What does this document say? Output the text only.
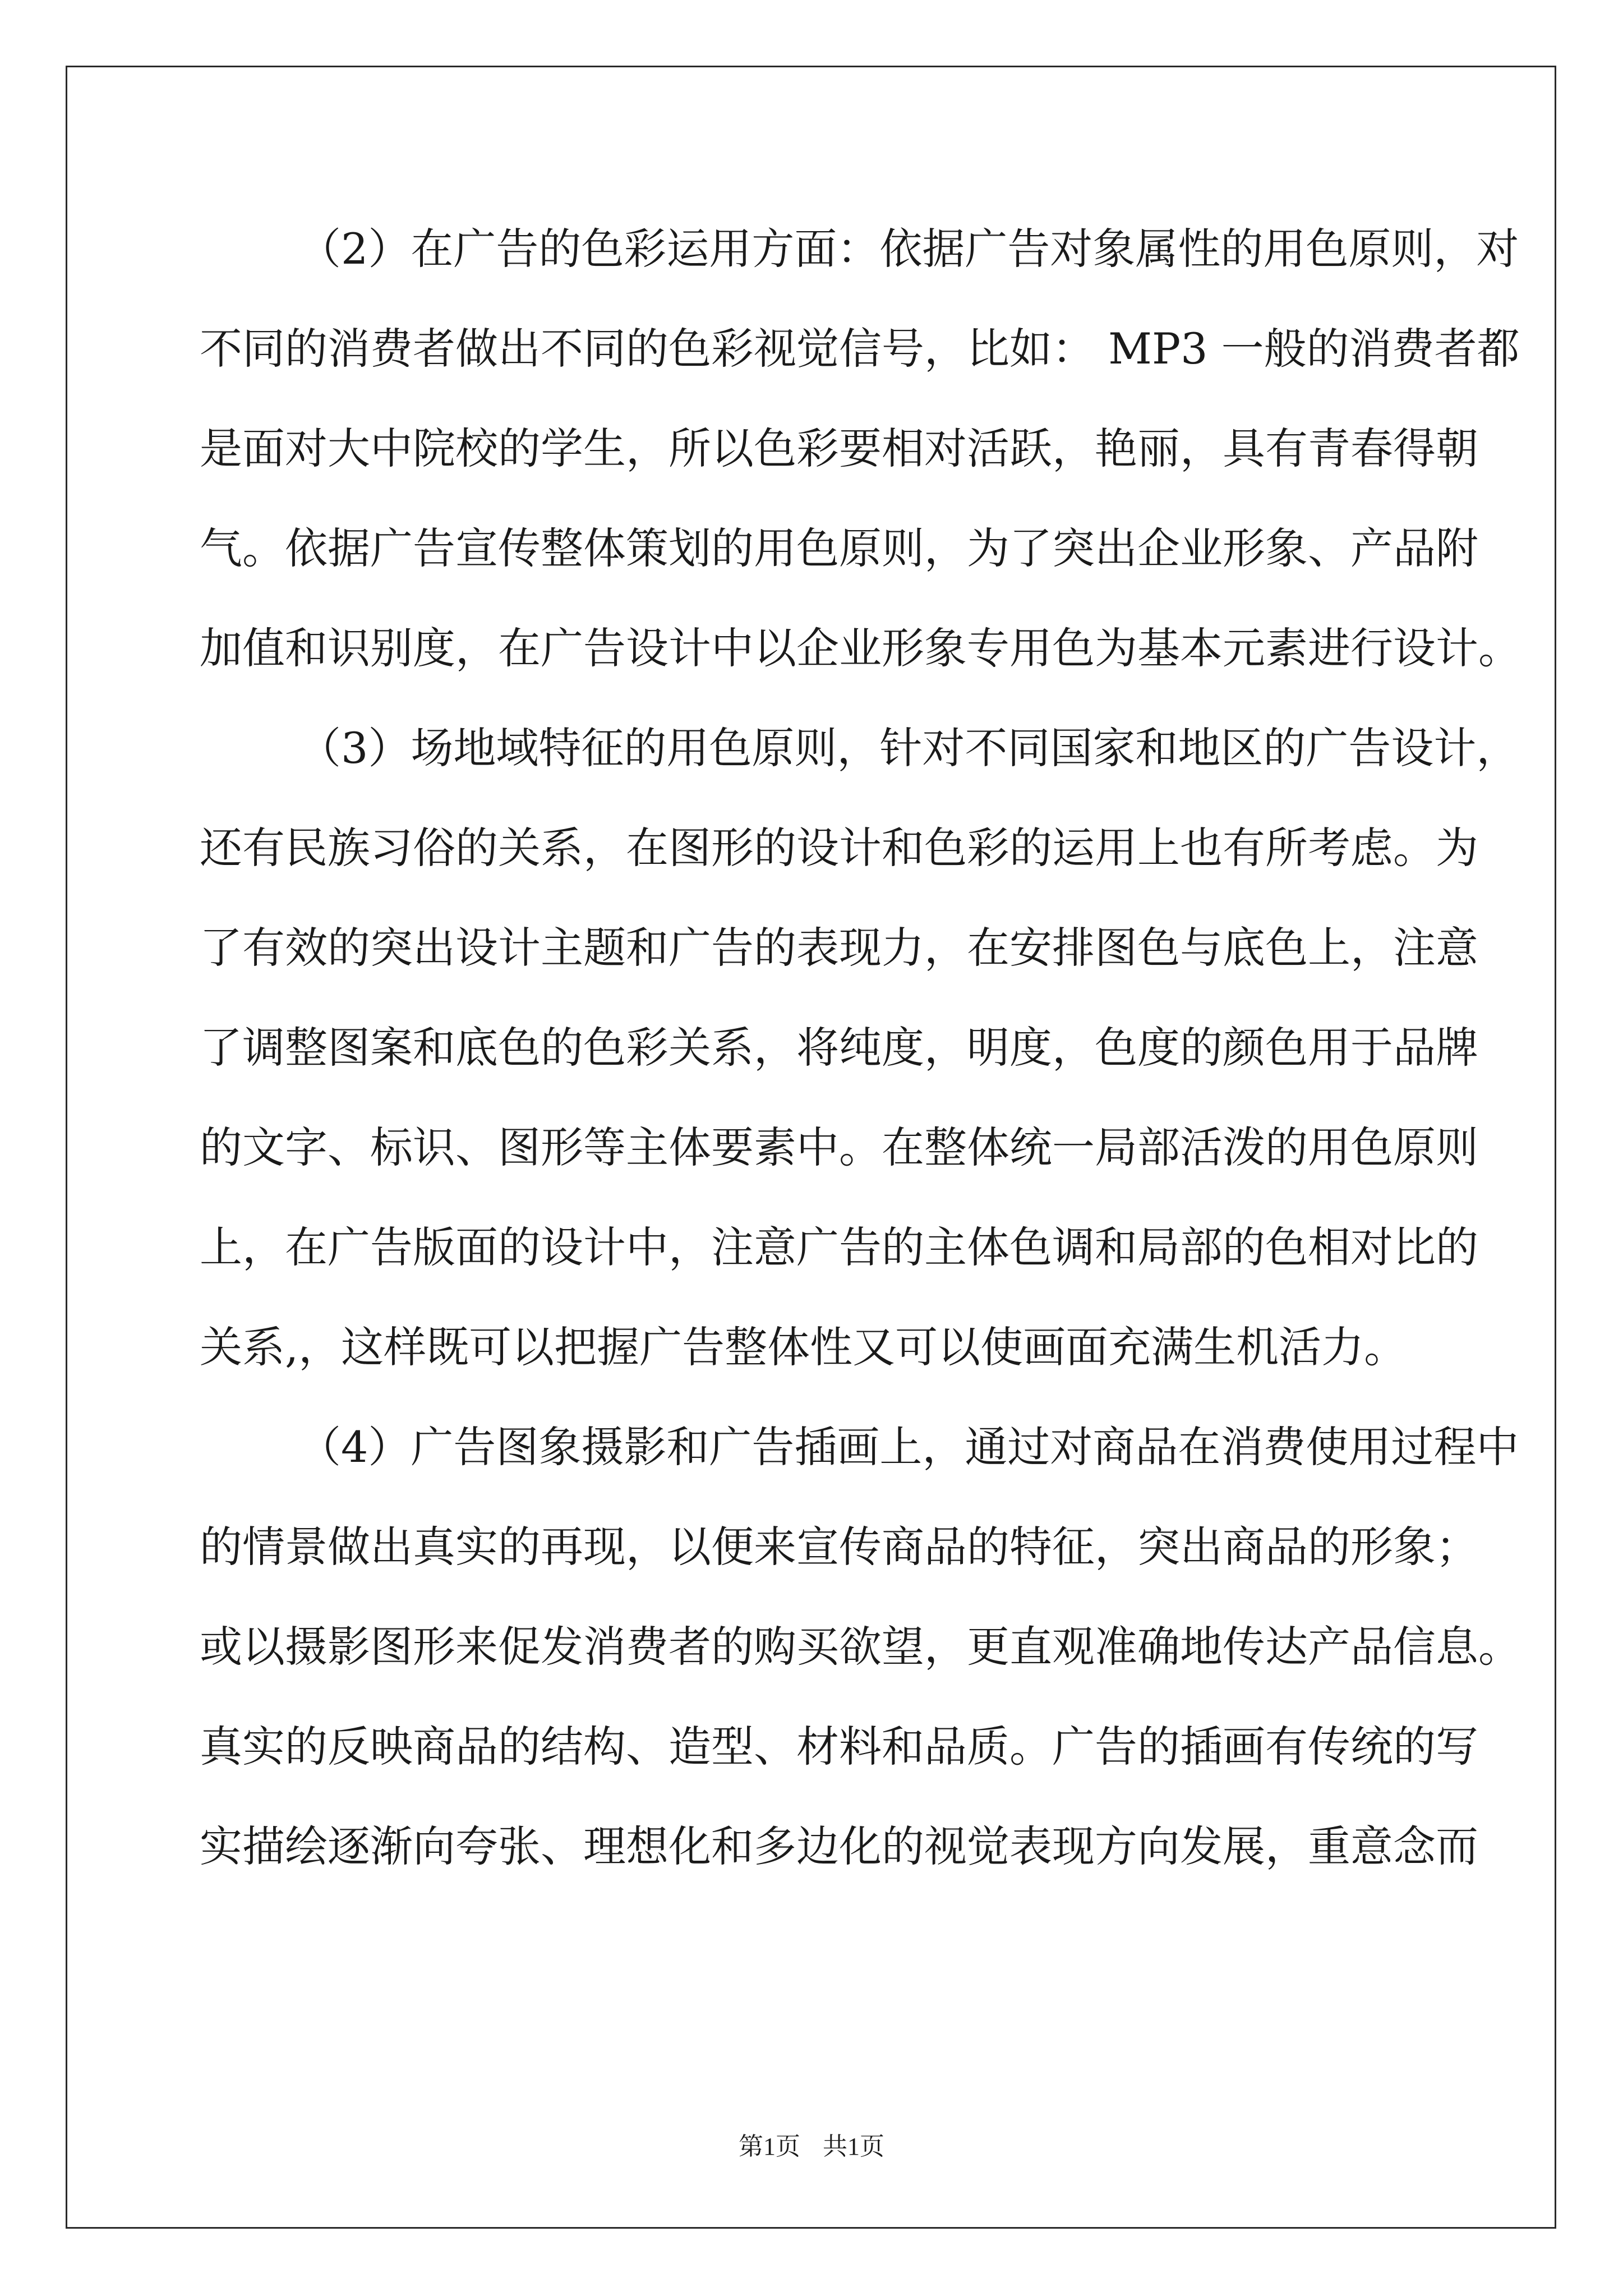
（2）在广告的色彩运用方面：依据广告对象属性的用色原则，对
不同的消费者做出不同的色彩视觉信号，比如： MP3 一般的消费者都
是面对大中院校的学生，所以色彩要相对活跃，艳丽，具有青春得朝
气。依据广告宣传整体策划的用色原则，为了突出企业形象、产品附
加值和识别度，在广告设计中以企业形象专用色为基本元素进行设计。
（3）场地域特征的用色原则，针对不同国家和地区的广告设计，
还有民族习俗的关系，在图形的设计和色彩的运用上也有所考虑。为
了有效的突出设计主题和广告的表现力，在安排图色与底色上，注意
了调整图案和底色的色彩关系，将纯度，明度，色度的颜色用于品牌
的文字、标识、图形等主体要素中。在整体统一局部活泼的用色原则
上，在广告版面的设计中，注意广告的主体色调和局部的色相对比的
关系,，这样既可以把握广告整体性又可以使画面充满生机活力。
（4）广告图象摄影和广告插画上，通过对商品在消费使用过程中
的情景做出真实的再现，以便来宣传商品的特征，突出商品的形象；
或以摄影图形来促发消费者的购买欲望，更直观准确地传达产品信息。
真实的反映商品的结构、造型、材料和品质。广告的插画有传统的写
实描绘逐渐向夸张、理想化和多边化的视觉表现方向发展，重意念而
第1页 共1页
